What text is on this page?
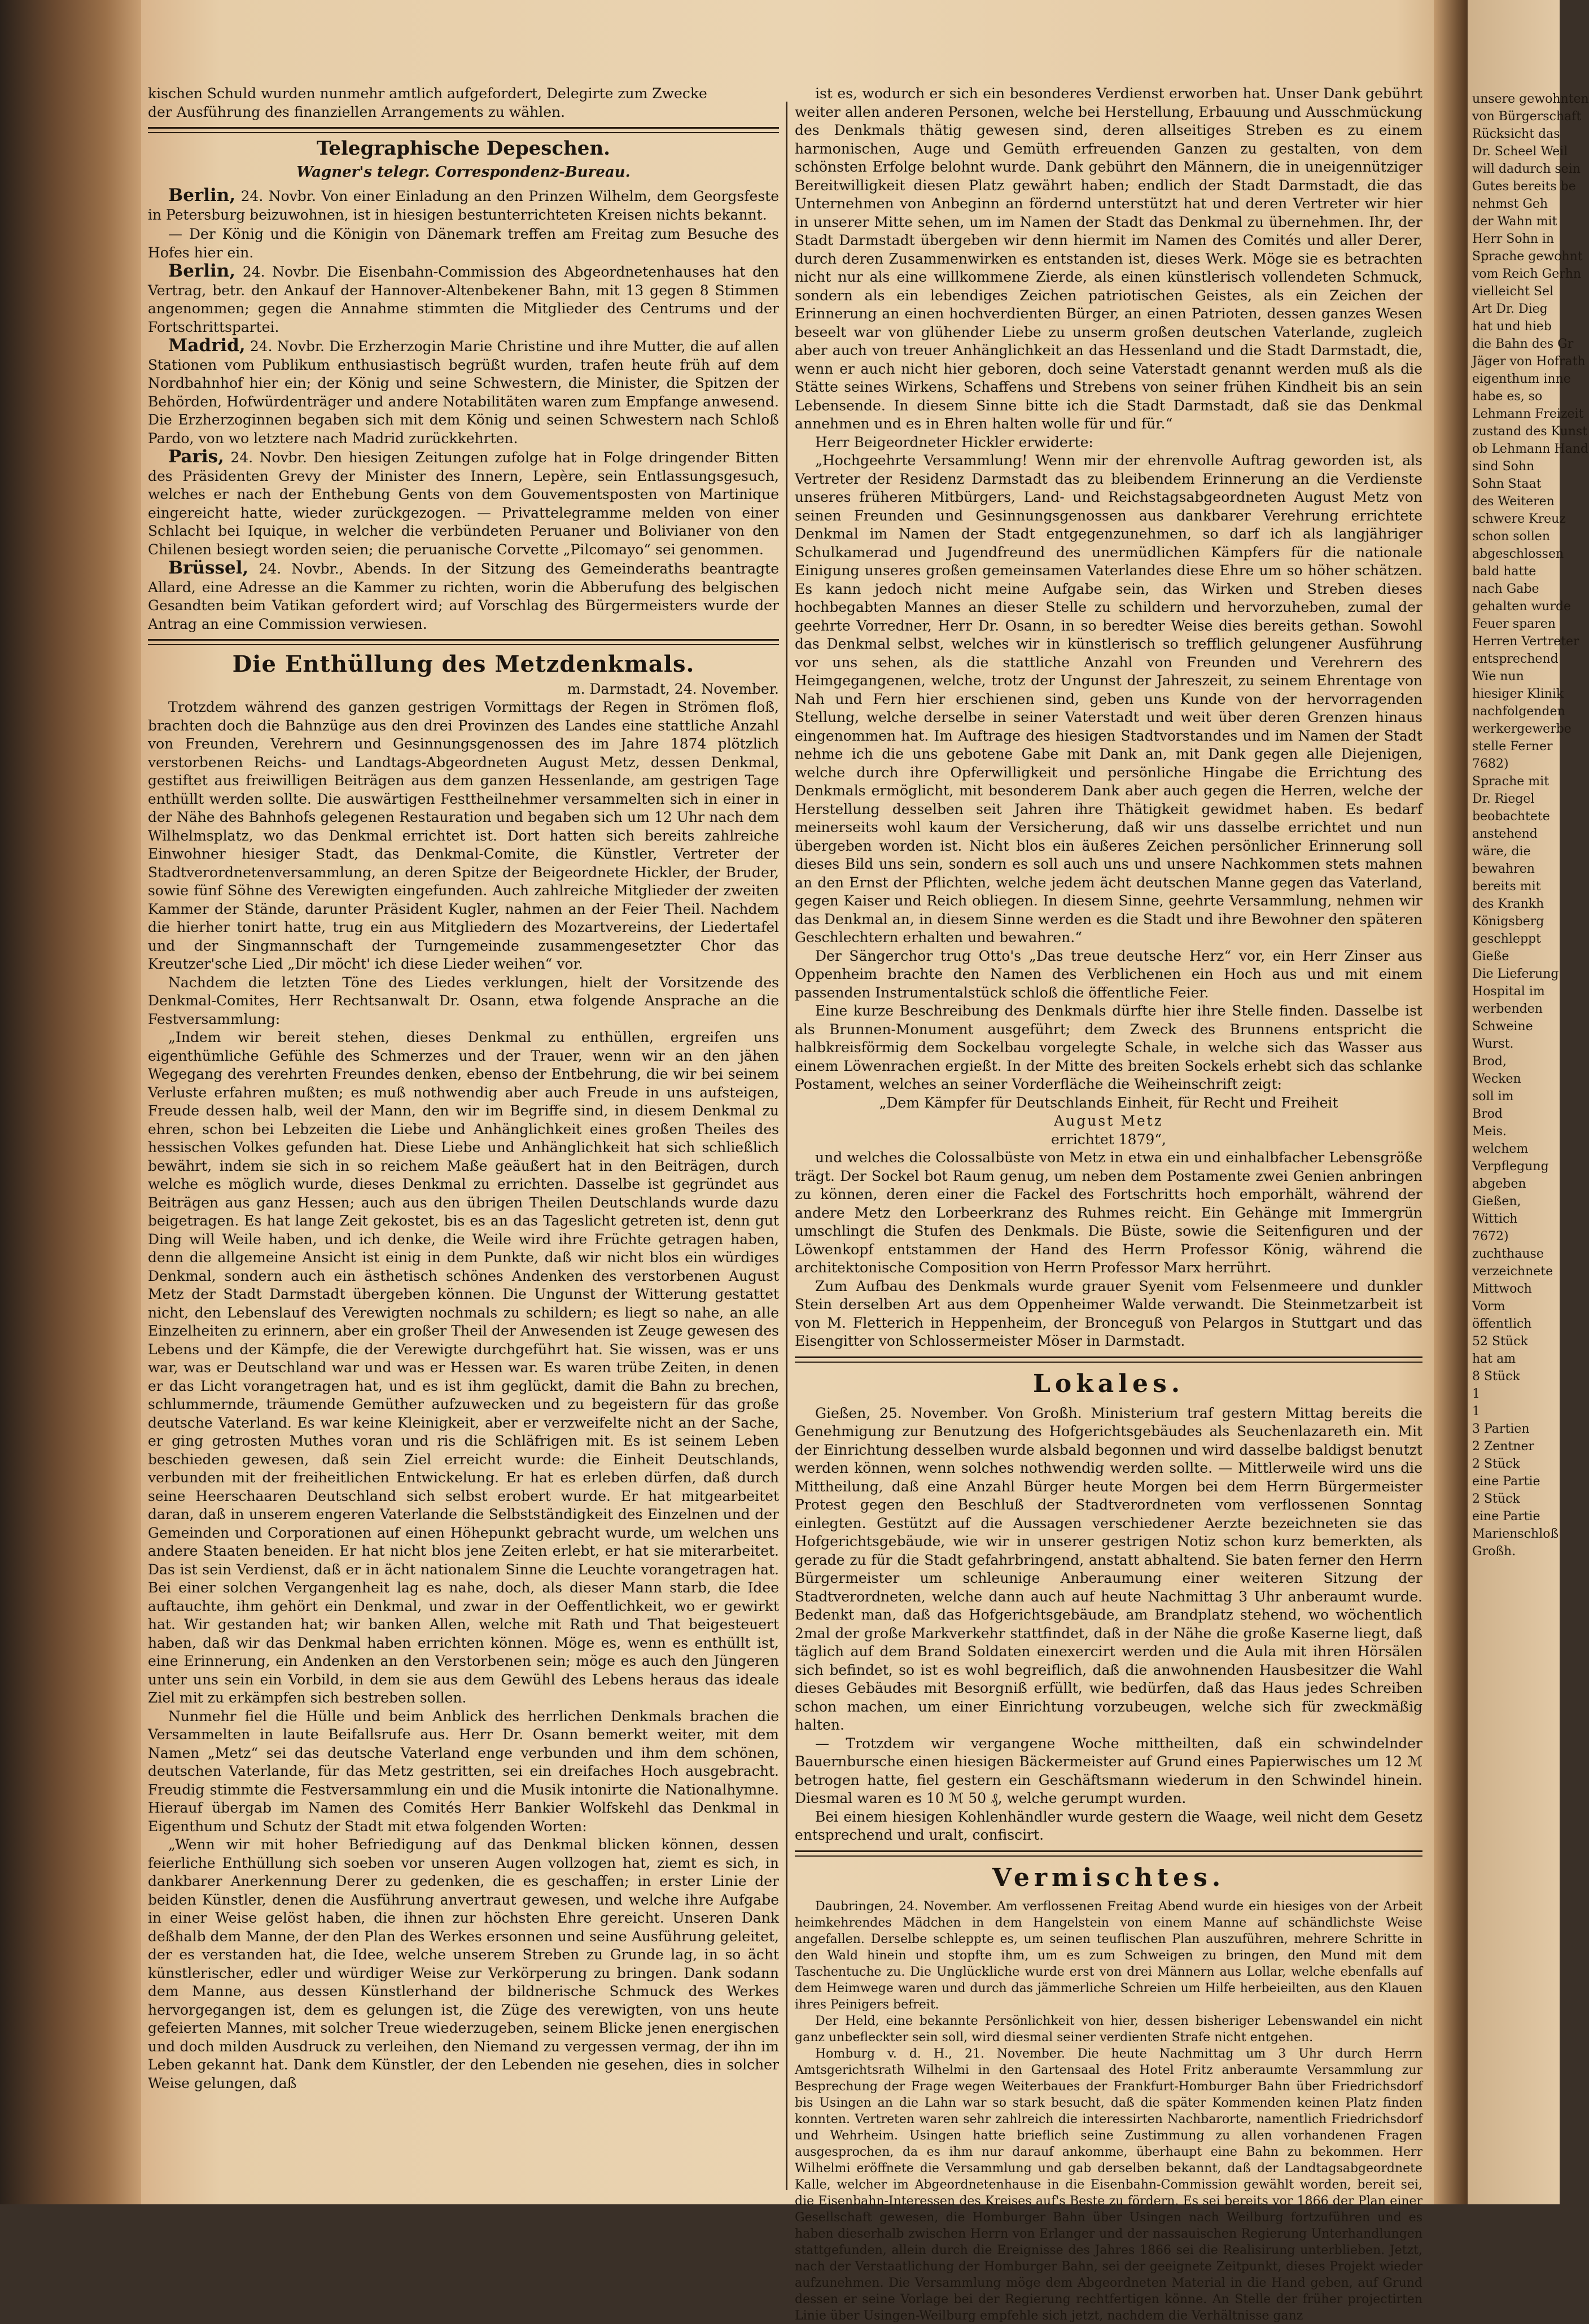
kischen Schuld wurden nunmehr amtlich aufgefordert, Delegirte zum Zwecke

der Ausführung des finanziellen Arrangements zu wählen.

Telegraphische Depeschen.
Wagner's telegr. Correspondenz-Bureau.

Berlin, 24. Novbr. Von einer Einladung an den Prinzen Wilhelm, dem Georgsfeste in Petersburg beizuwohnen, ist in hiesigen bestunterrichteten Kreisen nichts bekannt.

— Der König und die Königin von Dänemark treffen am Freitag zum Besuche des Hofes hier ein.

Berlin, 24. Novbr. Die Eisenbahn-Commission des Abgeordnetenhauses hat den Vertrag, betr. den Ankauf der Hannover-Altenbekener Bahn, mit 13 gegen 8 Stimmen angenommen; gegen die Annahme stimmten die Mitglieder des Centrums und der Fortschrittspartei.

Madrid, 24. Novbr. Die Erzherzogin Marie Christine und ihre Mutter, die auf allen Stationen vom Publikum enthusiastisch begrüßt wurden, trafen heute früh auf dem Nordbahnhof hier ein; der König und seine Schwestern, die Minister, die Spitzen der Behörden, Hofwürdenträger und andere Notabilitäten waren zum Empfange anwesend. Die Erzherzoginnen begaben sich mit dem König und seinen Schwestern nach Schloß Pardo, von wo letztere nach Madrid zurückkehrten.

Paris, 24. Novbr. Den hiesigen Zeitungen zufolge hat in Folge dringender Bitten des Präsidenten Grevy der Minister des Innern, Lepère, sein Entlassungsgesuch, welches er nach der Enthebung Gents von dem Gouvementsposten von Martinique eingereicht hatte, wieder zurückgezogen. — Privattelegramme melden von einer Schlacht bei Iquique, in welcher die verbündeten Peruaner und Bolivianer von den Chilenen besiegt worden seien; die peruanische Corvette „Pilcomayo“ sei genommen.

Brüssel, 24. Novbr., Abends. In der Sitzung des Gemeinderaths beantragte Allard, eine Adresse an die Kammer zu richten, worin die Abberufung des belgischen Gesandten beim Vatikan gefordert wird; auf Vorschlag des Bürgermeisters wurde der Antrag an eine Commission verwiesen.

Die Enthüllung des Metzdenkmals.

m. Darmstadt, 24. November.

Trotzdem während des ganzen gestrigen Vormittags der Regen in Strömen floß, brachten doch die Bahnzüge aus den drei Provinzen des Landes eine stattliche Anzahl von Freunden, Verehrern und Gesinnungsgenossen des im Jahre 1874 plötzlich verstorbenen Reichs- und Landtags-Abgeordneten August Metz, dessen Denkmal, gestiftet aus freiwilligen Beiträgen aus dem ganzen Hessenlande, am gestrigen Tage enthüllt werden sollte. Die auswärtigen Festtheilnehmer versammelten sich in einer in der Nähe des Bahnhofs gelegenen Restauration und begaben sich um 12 Uhr nach dem Wilhelmsplatz, wo das Denkmal errichtet ist. Dort hatten sich bereits zahlreiche Einwohner hiesiger Stadt, das Denkmal-Comite, die Künstler, Vertreter der Stadtverordnetenversammlung, an deren Spitze der Beigeordnete Hickler, der Bruder, sowie fünf Söhne des Verewigten eingefunden. Auch zahlreiche Mitglieder der zweiten Kammer der Stände, darunter Präsident Kugler, nahmen an der Feier Theil. Nachdem die hierher tonirt hatte, trug ein aus Mitgliedern des Mozartvereins, der Liedertafel und der Singmannschaft der Turngemeinde zusammengesetzter Chor das Kreutzer'sche Lied „Dir möcht' ich diese Lieder weihen“ vor.

Nachdem die letzten Töne des Liedes verklungen, hielt der Vorsitzende des Denkmal-Comites, Herr Rechtsanwalt Dr. Osann, etwa folgende Ansprache an die Festversammlung:

„Indem wir bereit stehen, dieses Denkmal zu enthüllen, ergreifen uns eigenthümliche Gefühle des Schmerzes und der Trauer, wenn wir an den jähen Wegegang des verehrten Freundes denken, ebenso der Entbehrung, die wir bei seinem Verluste erfahren mußten; es muß nothwendig aber auch Freude in uns aufsteigen, Freude dessen halb, weil der Mann, den wir im Begriffe sind, in diesem Denkmal zu ehren, schon bei Lebzeiten die Liebe und Anhänglichkeit eines großen Theiles des hessischen Volkes gefunden hat. Diese Liebe und Anhänglichkeit hat sich schließlich bewährt, indem sie sich in so reichem Maße geäußert hat in den Beiträgen, durch welche es möglich wurde, dieses Denkmal zu errichten. Dasselbe ist gegründet aus Beiträgen aus ganz Hessen; auch aus den übrigen Theilen Deutschlands wurde dazu beigetragen. Es hat lange Zeit gekostet, bis es an das Tageslicht getreten ist, denn gut Ding will Weile haben, und ich denke, die Weile wird ihre Früchte getragen haben, denn die allgemeine Ansicht ist einig in dem Punkte, daß wir nicht blos ein würdiges Denkmal, sondern auch ein ästhetisch schönes Andenken des verstorbenen August Metz der Stadt Darmstadt übergeben können. Die Ungunst der Witterung gestattet nicht, den Lebenslauf des Verewigten nochmals zu schildern; es liegt so nahe, an alle Einzelheiten zu erinnern, aber ein großer Theil der Anwesenden ist Zeuge gewesen des Lebens und der Kämpfe, die der Verewigte durchgeführt hat. Sie wissen, was er uns war, was er Deutschland war und was er Hessen war. Es waren trübe Zeiten, in denen er das Licht vorangetragen hat, und es ist ihm geglückt, damit die Bahn zu brechen, schlummernde, träumende Gemüther aufzuwecken und zu begeistern für das große deutsche Vaterland. Es war keine Kleinigkeit, aber er verzweifelte nicht an der Sache, er ging getrosten Muthes voran und ris die Schläfrigen mit. Es ist seinem Leben beschieden gewesen, daß sein Ziel erreicht wurde: die Einheit Deutschlands, verbunden mit der freiheitlichen Entwickelung. Er hat es erleben dürfen, daß durch seine Heerschaaren Deutschland sich selbst erobert wurde. Er hat mitgearbeitet daran, daß in unserem engeren Vaterlande die Selbstständigkeit des Einzelnen und der Gemeinden und Corporationen auf einen Höhepunkt gebracht wurde, um welchen uns andere Staaten beneiden. Er hat nicht blos jene Zeiten erlebt, er hat sie miterarbeitet. Das ist sein Verdienst, daß er in ächt nationalem Sinne die Leuchte vorangetragen hat. Bei einer solchen Vergangenheit lag es nahe, doch, als dieser Mann starb, die Idee auftauchte, ihm gehört ein Denkmal, und zwar in der Oeffentlichkeit, wo er gewirkt hat. Wir gestanden hat; wir banken Allen, welche mit Rath und That beigesteuert haben, daß wir das Denkmal haben errichten können. Möge es, wenn es enthüllt ist, eine Erinnerung, ein Andenken an den Verstorbenen sein; möge es auch den Jüngeren unter uns sein ein Vorbild, in dem sie aus dem Gewühl des Lebens heraus das ideale Ziel mit zu erkämpfen sich bestreben sollen.

Nunmehr fiel die Hülle und beim Anblick des herrlichen Denkmals brachen die Versammelten in laute Beifallsrufe aus. Herr Dr. Osann bemerkt weiter, mit dem Namen „Metz“ sei das deutsche Vaterland enge verbunden und ihm dem schönen, deutschen Vaterlande, für das Metz gestritten, sei ein dreifaches Hoch ausgebracht. Freudig stimmte die Festversammlung ein und die Musik intonirte die Nationalhymne. Hierauf übergab im Namen des Comités Herr Bankier Wolfskehl das Denkmal in Eigenthum und Schutz der Stadt mit etwa folgenden Worten:

„Wenn wir mit hoher Befriedigung auf das Denkmal blicken können, dessen feierliche Enthüllung sich soeben vor unseren Augen vollzogen hat, ziemt es sich, in dankbarer Anerkennung Derer zu gedenken, die es geschaffen; in erster Linie der beiden Künstler, denen die Ausführung anvertraut gewesen, und welche ihre Aufgabe in einer Weise gelöst haben, die ihnen zur höchsten Ehre gereicht. Unseren Dank deßhalb dem Manne, der den Plan des Werkes ersonnen und seine Ausführung geleitet, der es verstanden hat, die Idee, welche unserem Streben zu Grunde lag, in so ächt künstlerischer, edler und würdiger Weise zur Verkörperung zu bringen. Dank sodann dem Manne, aus dessen Künstlerhand der bildnerische Schmuck des Werkes hervorgegangen ist, dem es gelungen ist, die Züge des verewigten, von uns heute gefeierten Mannes, mit solcher Treue wiederzugeben, seinem Blicke jenen energischen und doch milden Ausdruck zu verleihen, den Niemand zu vergessen vermag, der ihn im Leben gekannt hat. Dank dem Künstler, der den Lebenden nie gesehen, dies in solcher Weise gelungen, daß

ist es, wodurch er sich ein besonderes Verdienst erworben hat. Unser Dank gebührt weiter allen anderen Personen, welche bei Herstellung, Erbauung und Ausschmückung des Denkmals thätig gewesen sind, deren allseitiges Streben es zu einem harmonischen, Auge und Gemüth erfreuenden Ganzen zu gestalten, von dem schönsten Erfolge belohnt wurde. Dank gebührt den Männern, die in uneigennütziger Bereitwilligkeit diesen Platz gewährt haben; endlich der Stadt Darmstadt, die das Unternehmen von Anbeginn an fördernd unterstützt hat und deren Vertreter wir hier in unserer Mitte sehen, um im Namen der Stadt das Denkmal zu übernehmen. Ihr, der Stadt Darmstadt übergeben wir denn hiermit im Namen des Comités und aller Derer, durch deren Zusammenwirken es entstanden ist, dieses Werk. Möge sie es betrachten nicht nur als eine willkommene Zierde, als einen künstlerisch vollendeten Schmuck, sondern als ein lebendiges Zeichen patriotischen Geistes, als ein Zeichen der Erinnerung an einen hochverdienten Bürger, an einen Patrioten, dessen ganzes Wesen beseelt war von glühender Liebe zu unserm großen deutschen Vaterlande, zugleich aber auch von treuer Anhänglichkeit an das Hessenland und die Stadt Darmstadt, die, wenn er auch nicht hier geboren, doch seine Vaterstadt genannt werden muß als die Stätte seines Wirkens, Schaffens und Strebens von seiner frühen Kindheit bis an sein Lebensende. In diesem Sinne bitte ich die Stadt Darmstadt, daß sie das Denkmal annehmen und es in Ehren halten wolle für und für.“

Herr Beigeordneter Hickler erwiderte:

„Hochgeehrte Versammlung! Wenn mir der ehrenvolle Auftrag geworden ist, als Vertreter der Residenz Darmstadt das zu bleibendem Erinnerung an die Verdienste unseres früheren Mitbürgers, Land- und Reichstagsabgeordneten August Metz von seinen Freunden und Gesinnungsgenossen aus dankbarer Verehrung errichtete Denkmal im Namen der Stadt entgegenzunehmen, so darf ich als langjähriger Schulkamerad und Jugendfreund des unermüdlichen Kämpfers für die nationale Einigung unseres großen gemeinsamen Vaterlandes diese Ehre um so höher schätzen. Es kann jedoch nicht meine Aufgabe sein, das Wirken und Streben dieses hochbegabten Mannes an dieser Stelle zu schildern und hervorzuheben, zumal der geehrte Vorredner, Herr Dr. Osann, in so beredter Weise dies bereits gethan. Sowohl das Denkmal selbst, welches wir in künstlerisch so trefflich gelungener Ausführung vor uns sehen, als die stattliche Anzahl von Freunden und Verehrern des Heimgegangenen, welche, trotz der Ungunst der Jahreszeit, zu seinem Ehrentage von Nah und Fern hier erschienen sind, geben uns Kunde von der hervorragenden Stellung, welche derselbe in seiner Vaterstadt und weit über deren Grenzen hinaus eingenommen hat. Im Auftrage des hiesigen Stadtvorstandes und im Namen der Stadt nehme ich die uns gebotene Gabe mit Dank an, mit Dank gegen alle Diejenigen, welche durch ihre Opferwilligkeit und persönliche Hingabe die Errichtung des Denkmals ermöglicht, mit besonderem Dank aber auch gegen die Herren, welche der Herstellung desselben seit Jahren ihre Thätigkeit gewidmet haben. Es bedarf meinerseits wohl kaum der Versicherung, daß wir uns dasselbe errichtet und nun übergeben worden ist. Nicht blos ein äußeres Zeichen persönlicher Erinnerung soll dieses Bild uns sein, sondern es soll auch uns und unsere Nachkommen stets mahnen an den Ernst der Pflichten, welche jedem ächt deutschen Manne gegen das Vaterland, gegen Kaiser und Reich obliegen. In diesem Sinne, geehrte Versammlung, nehmen wir das Denkmal an, in diesem Sinne werden es die Stadt und ihre Bewohner den späteren Geschlechtern erhalten und bewahren.“

Der Sängerchor trug Otto's „Das treue deutsche Herz“ vor, ein Herr Zinser aus Oppenheim brachte den Namen des Verblichenen ein Hoch aus und mit einem passenden Instrumentalstück schloß die öffentliche Feier.

Eine kurze Beschreibung des Denkmals dürfte hier ihre Stelle finden. Dasselbe ist als Brunnen-Monument ausgeführt; dem Zweck des Brunnens entspricht die halbkreisförmig dem Sockelbau vorgelegte Schale, in welche sich das Wasser aus einem Löwenrachen ergießt. In der Mitte des breiten Sockels erhebt sich das schlanke Postament, welches an seiner Vorderfläche die Weiheinschrift zeigt:

„Dem Kämpfer für Deutschlands Einheit, für Recht und Freiheit

August Metz

errichtet 1879“,

und welches die Colossalbüste von Metz in etwa ein und einhalbfacher Lebensgröße trägt. Der Sockel bot Raum genug, um neben dem Postamente zwei Genien anbringen zu können, deren einer die Fackel des Fortschritts hoch emporhält, während der andere Metz den Lorbeerkranz des Ruhmes reicht. Ein Gehänge mit Immergrün umschlingt die Stufen des Denkmals. Die Büste, sowie die Seitenfiguren und der Löwenkopf entstammen der Hand des Herrn Professor König, während die architektonische Composition von Herrn Professor Marx herrührt.

Zum Aufbau des Denkmals wurde grauer Syenit vom Felsenmeere und dunkler Stein derselben Art aus dem Oppenheimer Walde verwandt. Die Steinmetzarbeit ist von M. Fletterich in Heppenheim, der Bronceguß von Pelargos in Stuttgart und das Eisengitter von Schlossermeister Möser in Darmstadt.

Lokales.

Gießen, 25. November. Von Großh. Ministerium traf gestern Mittag bereits die Genehmigung zur Benutzung des Hofgerichtsgebäudes als Seuchenlazareth ein. Mit der Einrichtung desselben wurde alsbald begonnen und wird dasselbe baldigst benutzt werden können, wenn solches nothwendig werden sollte. — Mittlerweile wird uns die Mittheilung, daß eine Anzahl Bürger heute Morgen bei dem Herrn Bürgermeister Protest gegen den Beschluß der Stadtverordneten vom verflossenen Sonntag einlegten. Gestützt auf die Aussagen verschiedener Aerzte bezeichneten sie das Hofgerichtsgebäude, wie wir in unserer gestrigen Notiz schon kurz bemerkten, als gerade zu für die Stadt gefahrbringend, anstatt abhaltend. Sie baten ferner den Herrn Bürgermeister um schleunige Anberaumung einer weiteren Sitzung der Stadtverordneten, welche dann auch auf heute Nachmittag 3 Uhr anberaumt wurde. Bedenkt man, daß das Hofgerichtsgebäude, am Brandplatz stehend, wo wöchentlich 2mal der große Markverkehr stattfindet, daß in der Nähe die große Kaserne liegt, daß täglich auf dem Brand Soldaten einexercirt werden und die Aula mit ihren Hörsälen sich befindet, so ist es wohl begreiflich, daß die anwohnenden Hausbesitzer die Wahl dieses Gebäudes mit Besorgniß erfüllt, wie bedürfen, daß das Haus jedes Schreiben schon machen, um einer Einrichtung vorzubeugen, welche sich für zweckmäßig halten.

— Trotzdem wir vergangene Woche mittheilten, daß ein schwindelnder Bauernbursche einen hiesigen Bäckermeister auf Grund eines Papierwisches um 12 ℳ betrogen hatte, fiel gestern ein Geschäftsmann wiederum in den Schwindel hinein. Diesmal waren es 10 ℳ 50 ₰, welche gerumpt wurden.

Bei einem hiesigen Kohlenhändler wurde gestern die Waage, weil nicht dem Gesetz entsprechend und uralt, confiscirt.

Vermischtes.

Daubringen, 24. November. Am verflossenen Freitag Abend wurde ein hiesiges von der Arbeit heimkehrendes Mädchen in dem Hangelstein von einem Manne auf schändlichste Weise angefallen. Derselbe schleppte es, um seinen teuflischen Plan auszuführen, mehrere Schritte in den Wald hinein und stopfte ihm, um es zum Schweigen zu bringen, den Mund mit dem Taschentuche zu. Die Unglückliche wurde erst von drei Männern aus Lollar, welche ebenfalls auf dem Heimwege waren und durch das jämmerliche Schreien um Hilfe herbeieilten, aus den Klauen ihres Peinigers befreit.

Der Held, eine bekannte Persönlichkeit von hier, dessen bisheriger Lebenswandel ein nicht ganz unbefleckter sein soll, wird diesmal seiner verdienten Strafe nicht entgehen.

Homburg v. d. H., 21. November. Die heute Nachmittag um 3 Uhr durch Herrn Amtsgerichtsrath Wilhelmi in den Gartensaal des Hotel Fritz anberaumte Versammlung zur Besprechung der Frage wegen Weiterbaues der Frankfurt-Homburger Bahn über Friedrichsdorf bis Usingen an die Lahn war so stark besucht, daß die später Kommenden keinen Platz finden konnten. Vertreten waren sehr zahlreich die interessirten Nachbarorte, namentlich Friedrichsdorf und Wehrheim. Usingen hatte brieflich seine Zustimmung zu allen vorhandenen Fragen ausgesprochen, da es ihm nur darauf ankomme, überhaupt eine Bahn zu bekommen. Herr Wilhelmi eröffnete die Versammlung und gab derselben bekannt, daß der Landtagsabgeordnete Kalle, welcher im Abgeordnetenhause in die Eisenbahn-Commission gewählt worden, bereit sei, die Eisenbahn-Interessen des Kreises auf's Beste zu fördern. Es sei bereits vor 1866 der Plan einer Gesellschaft gewesen, die Homburger Bahn über Usingen nach Weilburg fortzuführen und es haben dieserhalb zwischen Herrn von Erlanger und der nassauischen Regierung Unterhandlungen stattgefunden, allein durch die Ereignisse des Jahres 1866 sei die Realisirung unterblieben. Jetzt, nach der Verstaatlichung der Homburger Bahn, sei der geeignete Zeitpunkt, dieses Projekt wieder aufzunehmen. Die Versammlung möge dem Abgeordneten Material in die Hand geben, auf Grund dessen er seine Vorlage bei der Regierung rechtfertigen könne. An Stelle der früher projectirten Linie über Usingen-Weilburg empfehle sich jetzt, nachdem die Verhältnisse ganz

unsere gewohnten

von Bürgerschaft

Rücksicht das

Dr. Scheel Weil

will dadurch sein

Gutes bereits be

nehmst Geh

der Wahn mit

Herr Sohn in

Sprache gewohnt

vom Reich Gerhn

vielleicht Sel

Art Dr. Dieg

hat und hieb

die Bahn des Gr

Jäger von Hofrath

eigenthum inne

habe es, so

Lehmann Freizeit

zustand des Kunst

ob Lehmann Hand

sind Sohn

Sohn Staat

des Weiteren

schwere Kreuz

schon sollen

abgeschlossen

bald hatte

nach Gabe

gehalten wurde

Feuer sparen

Herren Vertreter

entsprechend

Wie nun

hiesiger Klinik

nachfolgenden

werkergewerbe

stelle Ferner

7682)

Sprache mit

Dr. Riegel

beobachtete

anstehend

wäre, die

bewahren

bereits mit

des Krankh

Königsberg

geschleppt

Gieße

Die Lieferung

Hospital im

werbenden

Schweine

Wurst.

Brod,

Wecken

soll im

Brod

Meis.

welchem

Verpflegung

abgeben

Gießen,

Wittich

7672)

zuchthause

verzeichnete

Mittwoch

Vorm

öffentlich

52 Stück

hat am

8 Stück

1

1

3 Partien

2 Zentner

2 Stück

eine Partie

2 Stück

eine Partie

Marienschloß

Großh.
